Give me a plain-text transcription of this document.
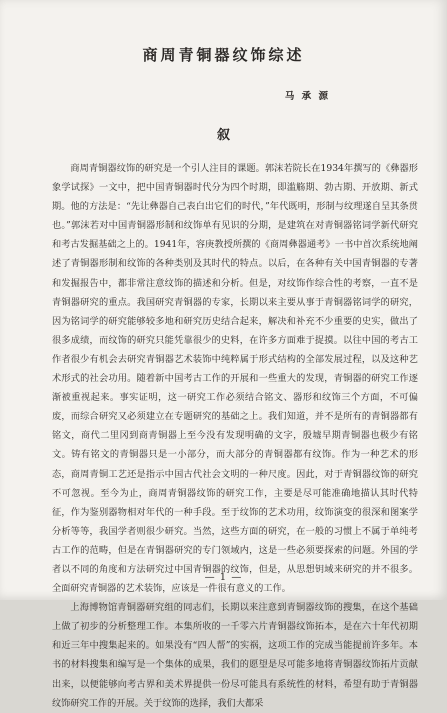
商周青铜器纹饰综述
马 承 源
叙

商周青铜器纹饰的研究是一个引人注目的课题。郭沫若院长在1934年撰写的《彝器形象学试探》一文中，把中国青铜器时代分为四个时期，即滥觞期、勃古期、开放期、新式期。他的方法是：“先让彝器自己表白出它们的时代，”年代既明，形制与纹理遂自呈其条贯也。”郭沫若对中国青铜器形制和纹饰单有见识的分期，是建筑在对青铜器铭词学新代研究和考古发掘基础之上的。1941年，容庚教授所撰的《商周彝器通考》一书中首次系统地阐述了青铜器形制和纹饰的各种类别及其时代的特点。以后，在各种有关中国青铜器的专著和发掘报告中，都非常注意纹饰的描述和分析。但是，对纹饰作综合性的考察，一直不是青铜器研究的重点。我国研究青铜器的专家，长期以来主要从事于青铜器铭词学的研究，因为铭词学的研究能够较多地和研究历史结合起来，解决和补充不少重要的史实，做出了很多成绩，而纹饰的研究只能凭靠很少的史料，在许多方面难于捉摸。以往中国的考古工作者很少有机会去研究青铜器艺术装饰中纯粹属于形式结构的全部发展过程，以及这种艺术形式的社会功用。随着新中国考古工作的开展和一些重大的发现，青铜器的研究工作逐渐被重视起来。事实证明，这一研究工作必须结合铭文、器形和纹饰三个方面，不可偏废，而综合研究又必须建立在专题研究的基础之上。我们知道，并不是所有的青铜器都有铭文，商代二里冈到商青铜器上至今没有发现明确的文字，殷墟早期青铜器也极少有铭文。铸有铭文的青铜器只是一小部分，而大部分的青铜器都有纹饰。作为一种艺术的形态，商周青铜工艺还是指示中国古代社会文明的一种尺度。因此，对于青铜器纹饰的研究不可忽视。至今为止，商周青铜器纹饰的研究工作，主要是尽可能准确地描认其时代特征，作为鉴别器物相对年代的一种手段。至于纹饰的艺术功用，纹饰演变的很深和图案学分析等等，我国学者则很少研究。当然，这些方面的研究，在一般的习惯上不属于单纯考古工作的范畴，但是在青铜器研究的专门领域内，这是一些必须要探索的问题。外国的学者以不同的角度和方法研究过中国青铜器的纹饰，但是，从思想钥域来研究的并不很多。全面研究青铜器的艺术装饰，应该是一件很有意义的工作。

上海博物馆青铜器研究组的同志们，长期以来注意到青铜器纹饰的搜集，在这个基础上做了初步的分析整理工作。本集所收的一千零六片青铜器纹饰拓本，是在六十年代初期和近三年中搜集起来的。如果没有“四人帮”的实祸，这项工作的完成当能提前许多年。本书的材料搜集和编写是一个集体的成果，我们的愿望是尽可能多地将青铜器纹饰拓片贡献出来，以便能够向考古界和美术界提供一份尽可能具有系统性的材料，希望有助于青铜器纹饰研究工作的开展。关于纹饰的选择，我们大都采

— 1 —
